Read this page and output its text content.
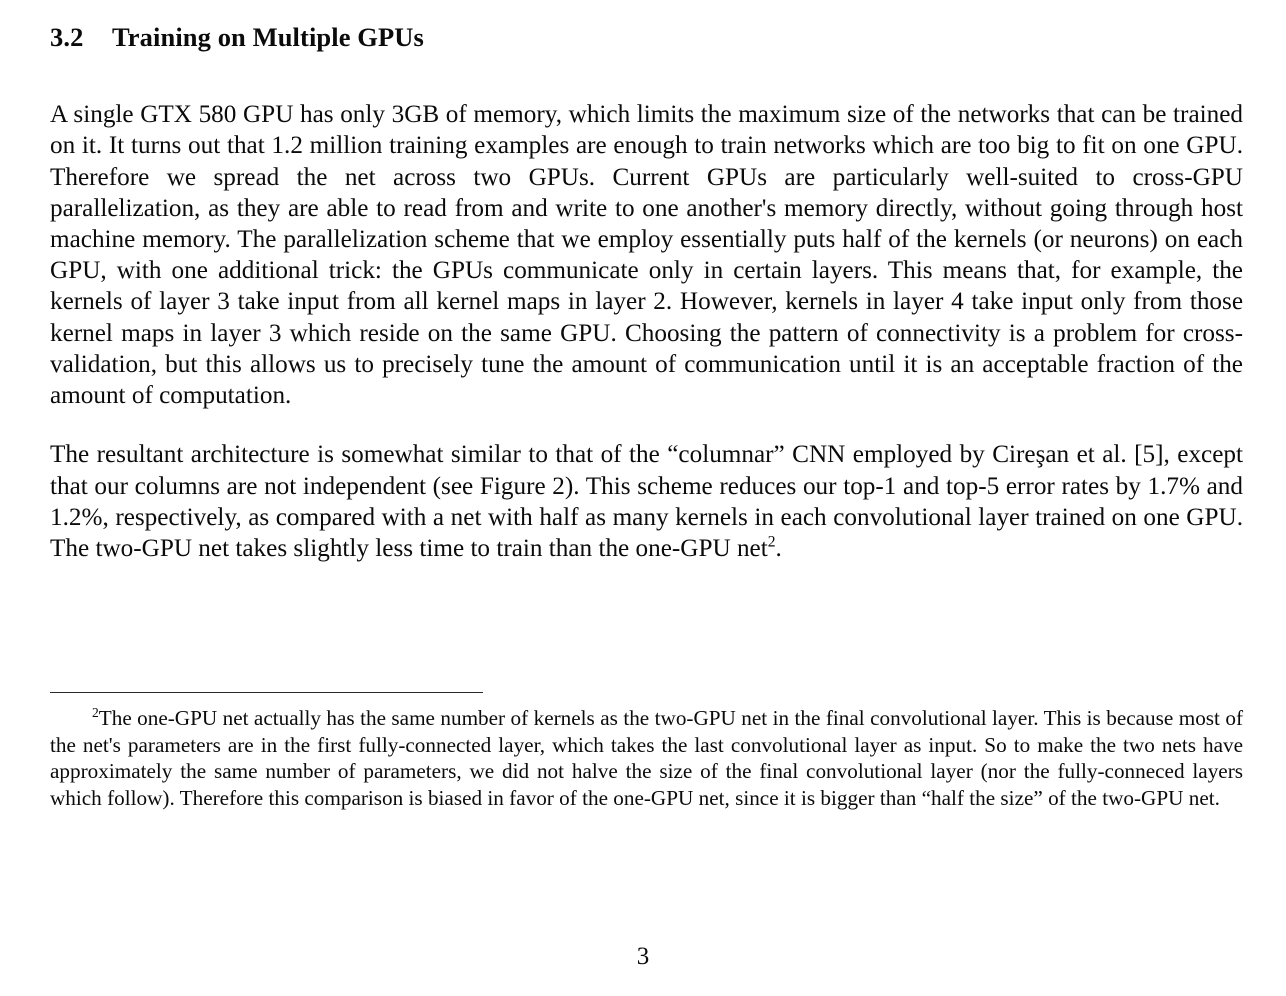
3.2 Training on Multiple GPUs

A single GTX 580 GPU has only 3GB of memory, which limits the maximum size of the networks that can be trained on it. It turns out that 1.2 million training examples are enough to train networks which are too big to fit on one GPU. Therefore we spread the net across two GPUs. Current GPUs are particularly well-suited to cross-GPU parallelization, as they are able to read from and write to one another's memory directly, without going through host machine memory. The parallelization scheme that we employ essentially puts half of the kernels (or neurons) on each GPU, with one additional trick: the GPUs communicate only in certain layers. This means that, for example, the kernels of layer 3 take input from all kernel maps in layer 2. However, kernels in layer 4 take input only from those kernel maps in layer 3 which reside on the same GPU. Choosing the pattern of connectivity is a problem for cross-validation, but this allows us to precisely tune the amount of communication until it is an acceptable fraction of the amount of computation.

The resultant architecture is somewhat similar to that of the “columnar” CNN employed by Cireşan et al. [5], except that our columns are not independent (see Figure 2). This scheme reduces our top-1 and top-5 error rates by 1.7% and 1.2%, respectively, as compared with a net with half as many kernels in each convolutional layer trained on one GPU. The two-GPU net takes slightly less time to train than the one-GPU net$^2$.

$^2$The one-GPU net actually has the same number of kernels as the two-GPU net in the final convolutional layer. This is because most of the net's parameters are in the first fully-connected layer, which takes the last convolutional layer as input. So to make the two nets have approximately the same number of parameters, we did not halve the size of the final convolutional layer (nor the fully-conneced layers which follow). Therefore this comparison is biased in favor of the one-GPU net, since it is bigger than “half the size” of the two-GPU net.

3
